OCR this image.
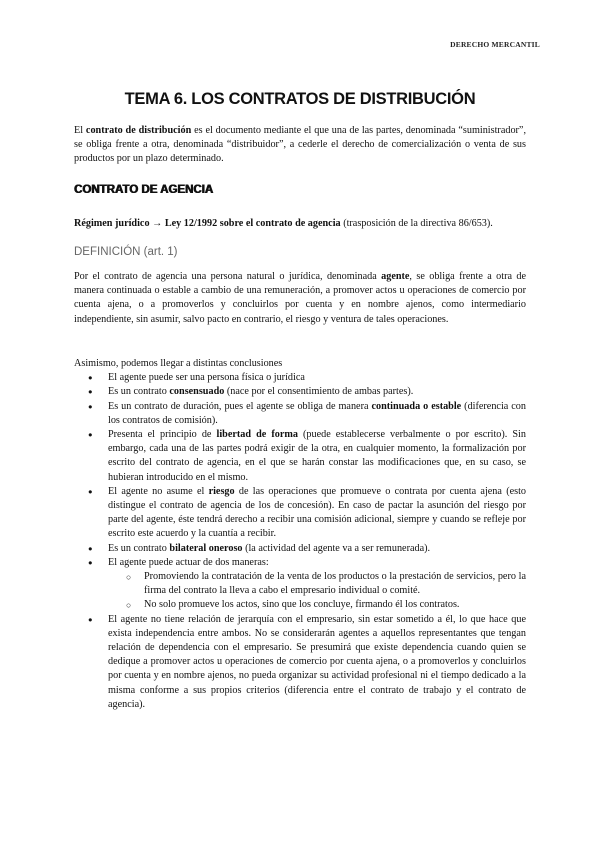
DERECHO MERCANTIL
TEMA 6. LOS CONTRATOS DE DISTRIBUCIÓN

El contrato de distribución es el documento mediante el que una de las partes, denominada “suministrador”, se obliga frente a otra, denominada “distribuidor”, a cederle el derecho de comercialización o venta de sus productos por un plazo determinado.

CONTRATO DE AGENCIA

Régimen jurídico → Ley 12/1992 sobre el contrato de agencia (trasposición de la directiva 86/653).

DEFINICIÓN (art. 1)

Por el contrato de agencia una persona natural o jurídica, denominada agente, se obliga frente a otra de manera continuada o estable a cambio de una remuneración, a promover actos u operaciones de comercio por cuenta ajena, o a promoverlos y concluirlos por cuenta y en nombre ajenos, como intermediario independiente, sin asumir, salvo pacto en contrario, el riesgo y ventura de tales operaciones.

Asimismo, podemos llegar a distintas conclusiones

● El agente puede ser una persona física o jurídica
● Es un contrato consensuado (nace por el consentimiento de ambas partes).
● Es un contrato de duración, pues el agente se obliga de manera continuada o estable (diferencia con los contratos de comisión).
● Presenta el principio de libertad de forma (puede establecerse verbalmente o por escrito). Sin embargo, cada una de las partes podrá exigir de la otra, en cualquier momento, la formalización por escrito del contrato de agencia, en el que se harán constar las modificaciones que, en su caso, se hubieran introducido en el mismo.
● El agente no asume el riesgo de las operaciones que promueve o contrata por cuenta ajena (esto distingue el contrato de agencia de los de concesión). En caso de pactar la asunción del riesgo por parte del agente, éste tendrá derecho a recibir una comisión adicional, siempre y cuando se refleje por escrito este acuerdo y la cuantía a recibir.
● Es un contrato bilateral oneroso (la actividad del agente va a ser remunerada).
● El agente puede actuar de dos maneras:
○ Promoviendo la contratación de la venta de los productos o la prestación de servicios, pero la firma del contrato la lleva a cabo el empresario individual o comité.
○ No solo promueve los actos, sino que los concluye, firmando él los contratos.
● El agente no tiene relación de jerarquía con el empresario, sin estar sometido a él, lo que hace que exista independencia entre ambos. No se considerarán agentes a aquellos representantes que tengan relación de dependencia con el empresario. Se presumirá que existe dependencia cuando quien se dedique a promover actos u operaciones de comercio por cuenta ajena, o a promoverlos y concluirlos por cuenta y en nombre ajenos, no pueda organizar su actividad profesional ni el tiempo dedicado a la misma conforme a sus propios criterios (diferencia entre el contrato de trabajo y el contrato de agencia).
